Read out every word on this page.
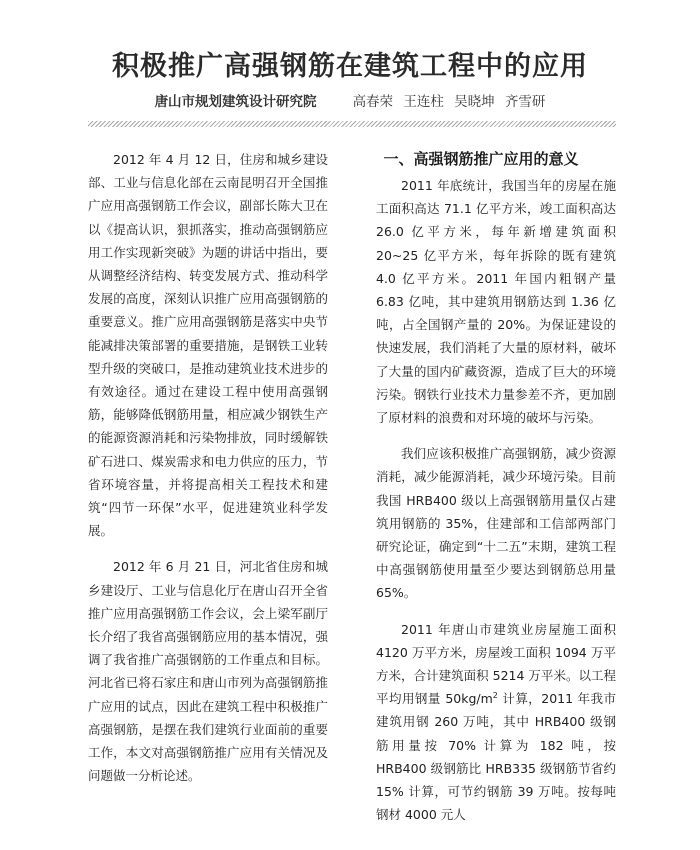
积极推广高强钢筋在建筑工程中的应用
唐山市规划建筑设计研究院	高春荣 王连柱 吴晓坤 齐雪研

2012 年 4 月 12 日，住房和城乡建设部、工业与信息化部在云南昆明召开全国推广应用高强钢筋工作会议，副部长陈大卫在以《提高认识，狠抓落实，推动高强钢筋应用工作实现新突破》为题的讲话中指出，要从调整经济结构、转变发展方式、推动科学发展的高度，深刻认识推广应用高强钢筋的重要意义。推广应用高强钢筋是落实中央节能减排决策部署的重要措施，是钢铁工业转型升级的突破口，是推动建筑业技术进步的有效途径。通过在建设工程中使用高强钢筋，能够降低钢筋用量，相应减少钢铁生产的能源资源消耗和污染物排放，同时缓解铁矿石进口、煤炭需求和电力供应的压力，节省环境容量，并将提高相关工程技术和建筑“四节一环保”水平，促进建筑业科学发展。

2012 年 6 月 21 日，河北省住房和城乡建设厅、工业与信息化厅在唐山召开全省推广应用高强钢筋工作会议，会上梁军副厅长介绍了我省高强钢筋应用的基本情况，强调了我省推广高强钢筋的工作重点和目标。河北省已将石家庄和唐山市列为高强钢筋推广应用的试点，因此在建筑工程中积极推广高强钢筋，是摆在我们建筑行业面前的重要工作，本文对高强钢筋推广应用有关情况及问题做一分析论述。

一、高强钢筋推广应用的意义

2011 年底统计，我国当年的房屋在施工面积高达 71.1 亿平方米，竣工面积高达 26.0 亿平方米，每年新增建筑面积 20~25 亿平方米，每年拆除的既有建筑 4.0 亿平方米。2011 年国内粗钢产量 6.83 亿吨，其中建筑用钢筋达到 1.36 亿吨，占全国钢产量的 20%。为保证建设的快速发展，我们消耗了大量的原材料，破坏了大量的国内矿藏资源，造成了巨大的环境污染。钢铁行业技术力量参差不齐，更加剧了原材料的浪费和对环境的破坏与污染。

我们应该积极推广高强钢筋，减少资源消耗，减少能源消耗，减少环境污染。目前我国 HRB400 级以上高强钢筋用量仅占建筑用钢筋的 35%，住建部和工信部两部门研究论证，确定到“十二五”末期，建筑工程中高强钢筋使用量至少要达到钢筋总用量 65%。

2011 年唐山市建筑业房屋施工面积 4120 万平方米，房屋竣工面积 1094 万平方米，合计建筑面积 5214 万平米。以工程平均用钢量 $50kg/m^2$ 计算，2011 年我市建筑用钢 260 万吨，其中 HRB400 级钢筋用量按 70% 计算为 182 吨，按 HRB400 级钢筋比 HRB335 级钢筋节省约 15% 计算，可节约钢筋 39 万吨。按每吨钢材 4000 元人
